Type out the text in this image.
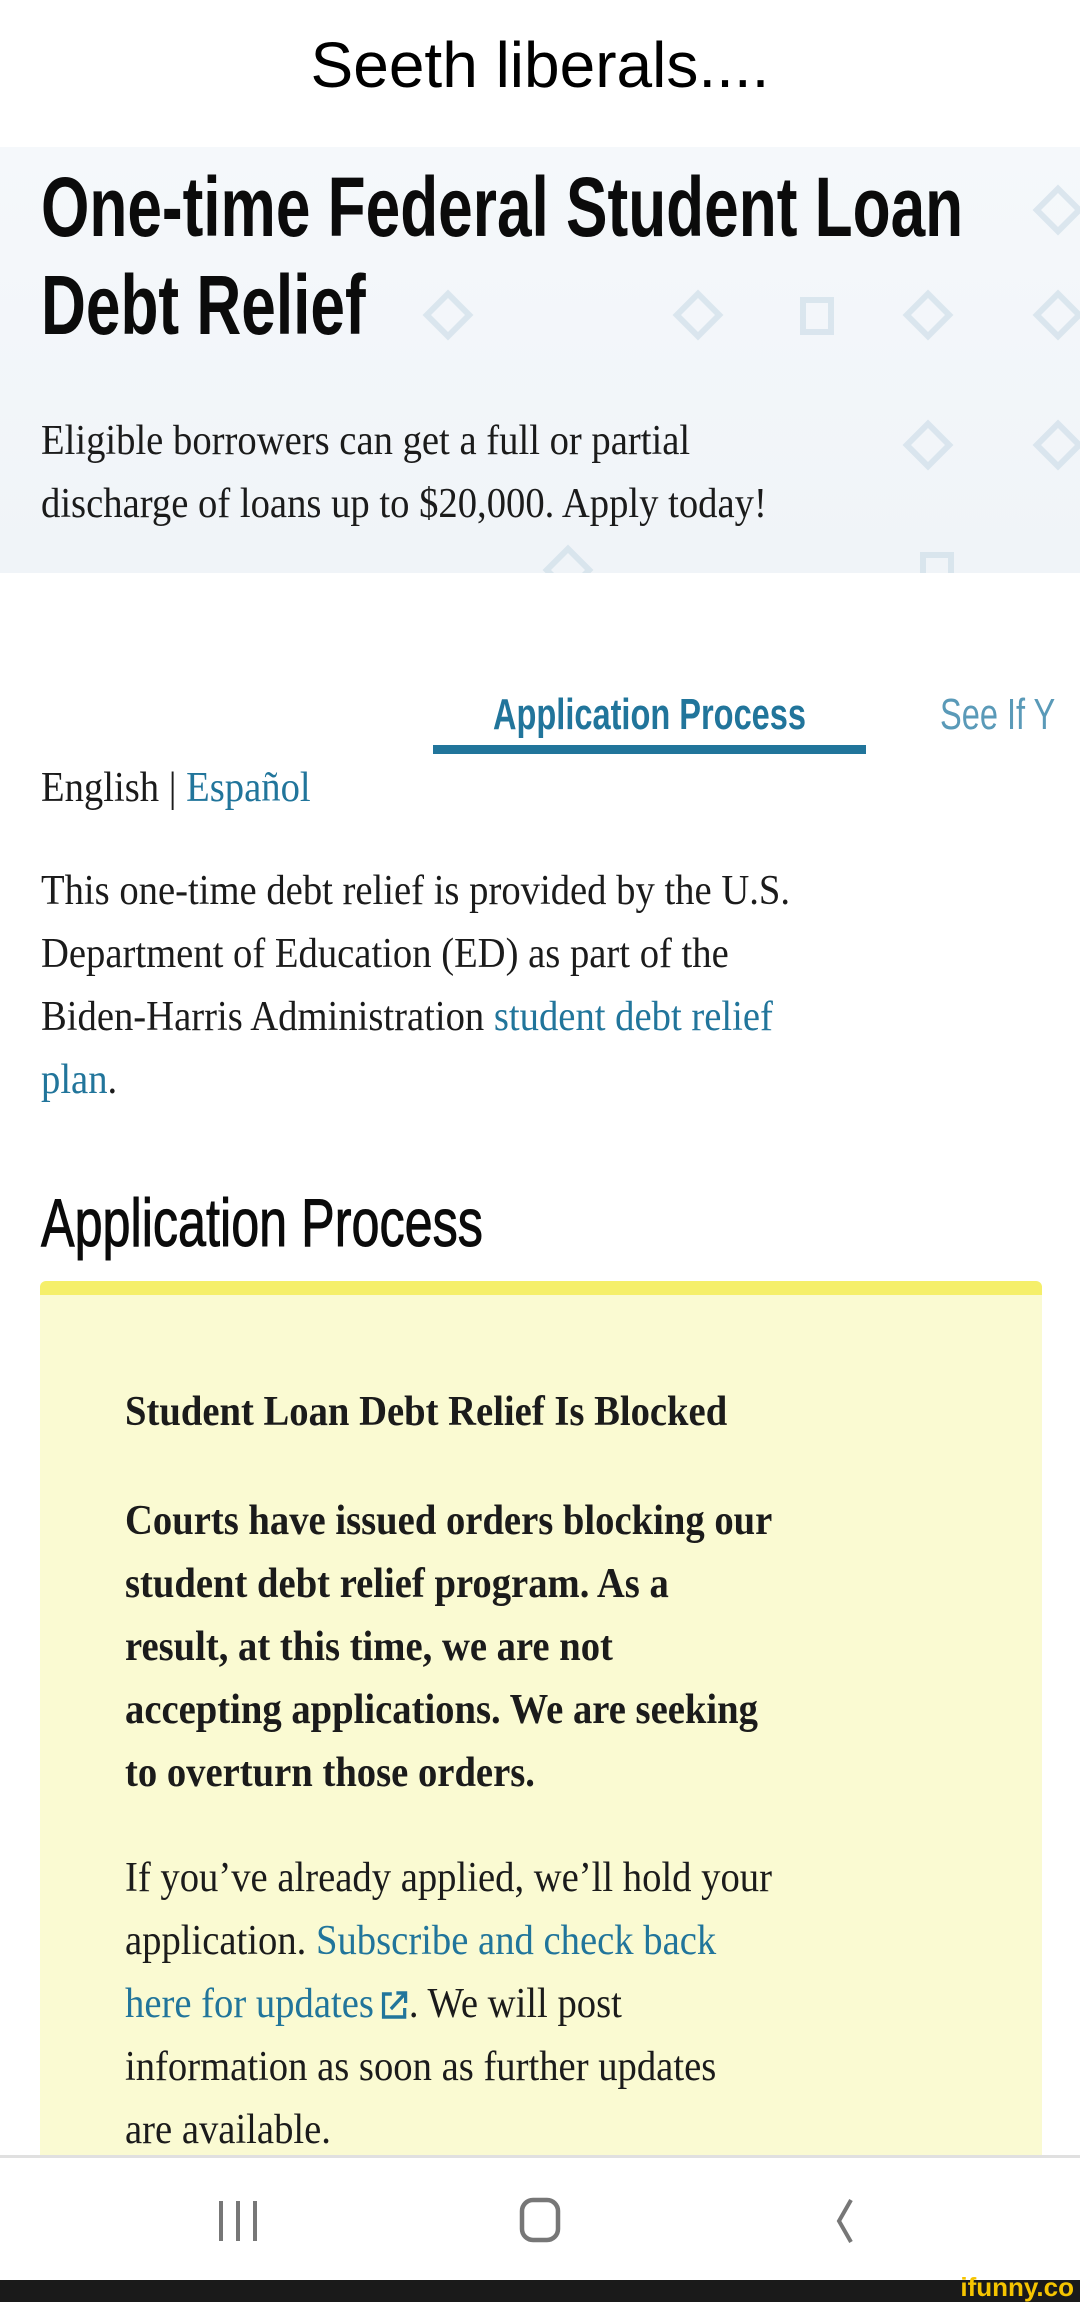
Seeth liberals....
One-time Federal Student Loan
Debt Relief
Eligible borrowers can get a full or partial
discharge of loans up to $20,000. Apply today!
Application Process	See If Y
English | Español
This one-time debt relief is provided by the U.S.
Department of Education (ED) as part of the
Biden-Harris Administration student debt relief
plan.
Application Process
Student Loan Debt Relief Is Blocked
Courts have issued orders blocking our
student debt relief program. As a
result, at this time, we are not
accepting applications. We are seeking
to overturn those orders.
If you’ve already applied, we’ll hold your
application. Subscribe and check back
here for updates . We will post
information as soon as further updates
are available.
ifunny.co
